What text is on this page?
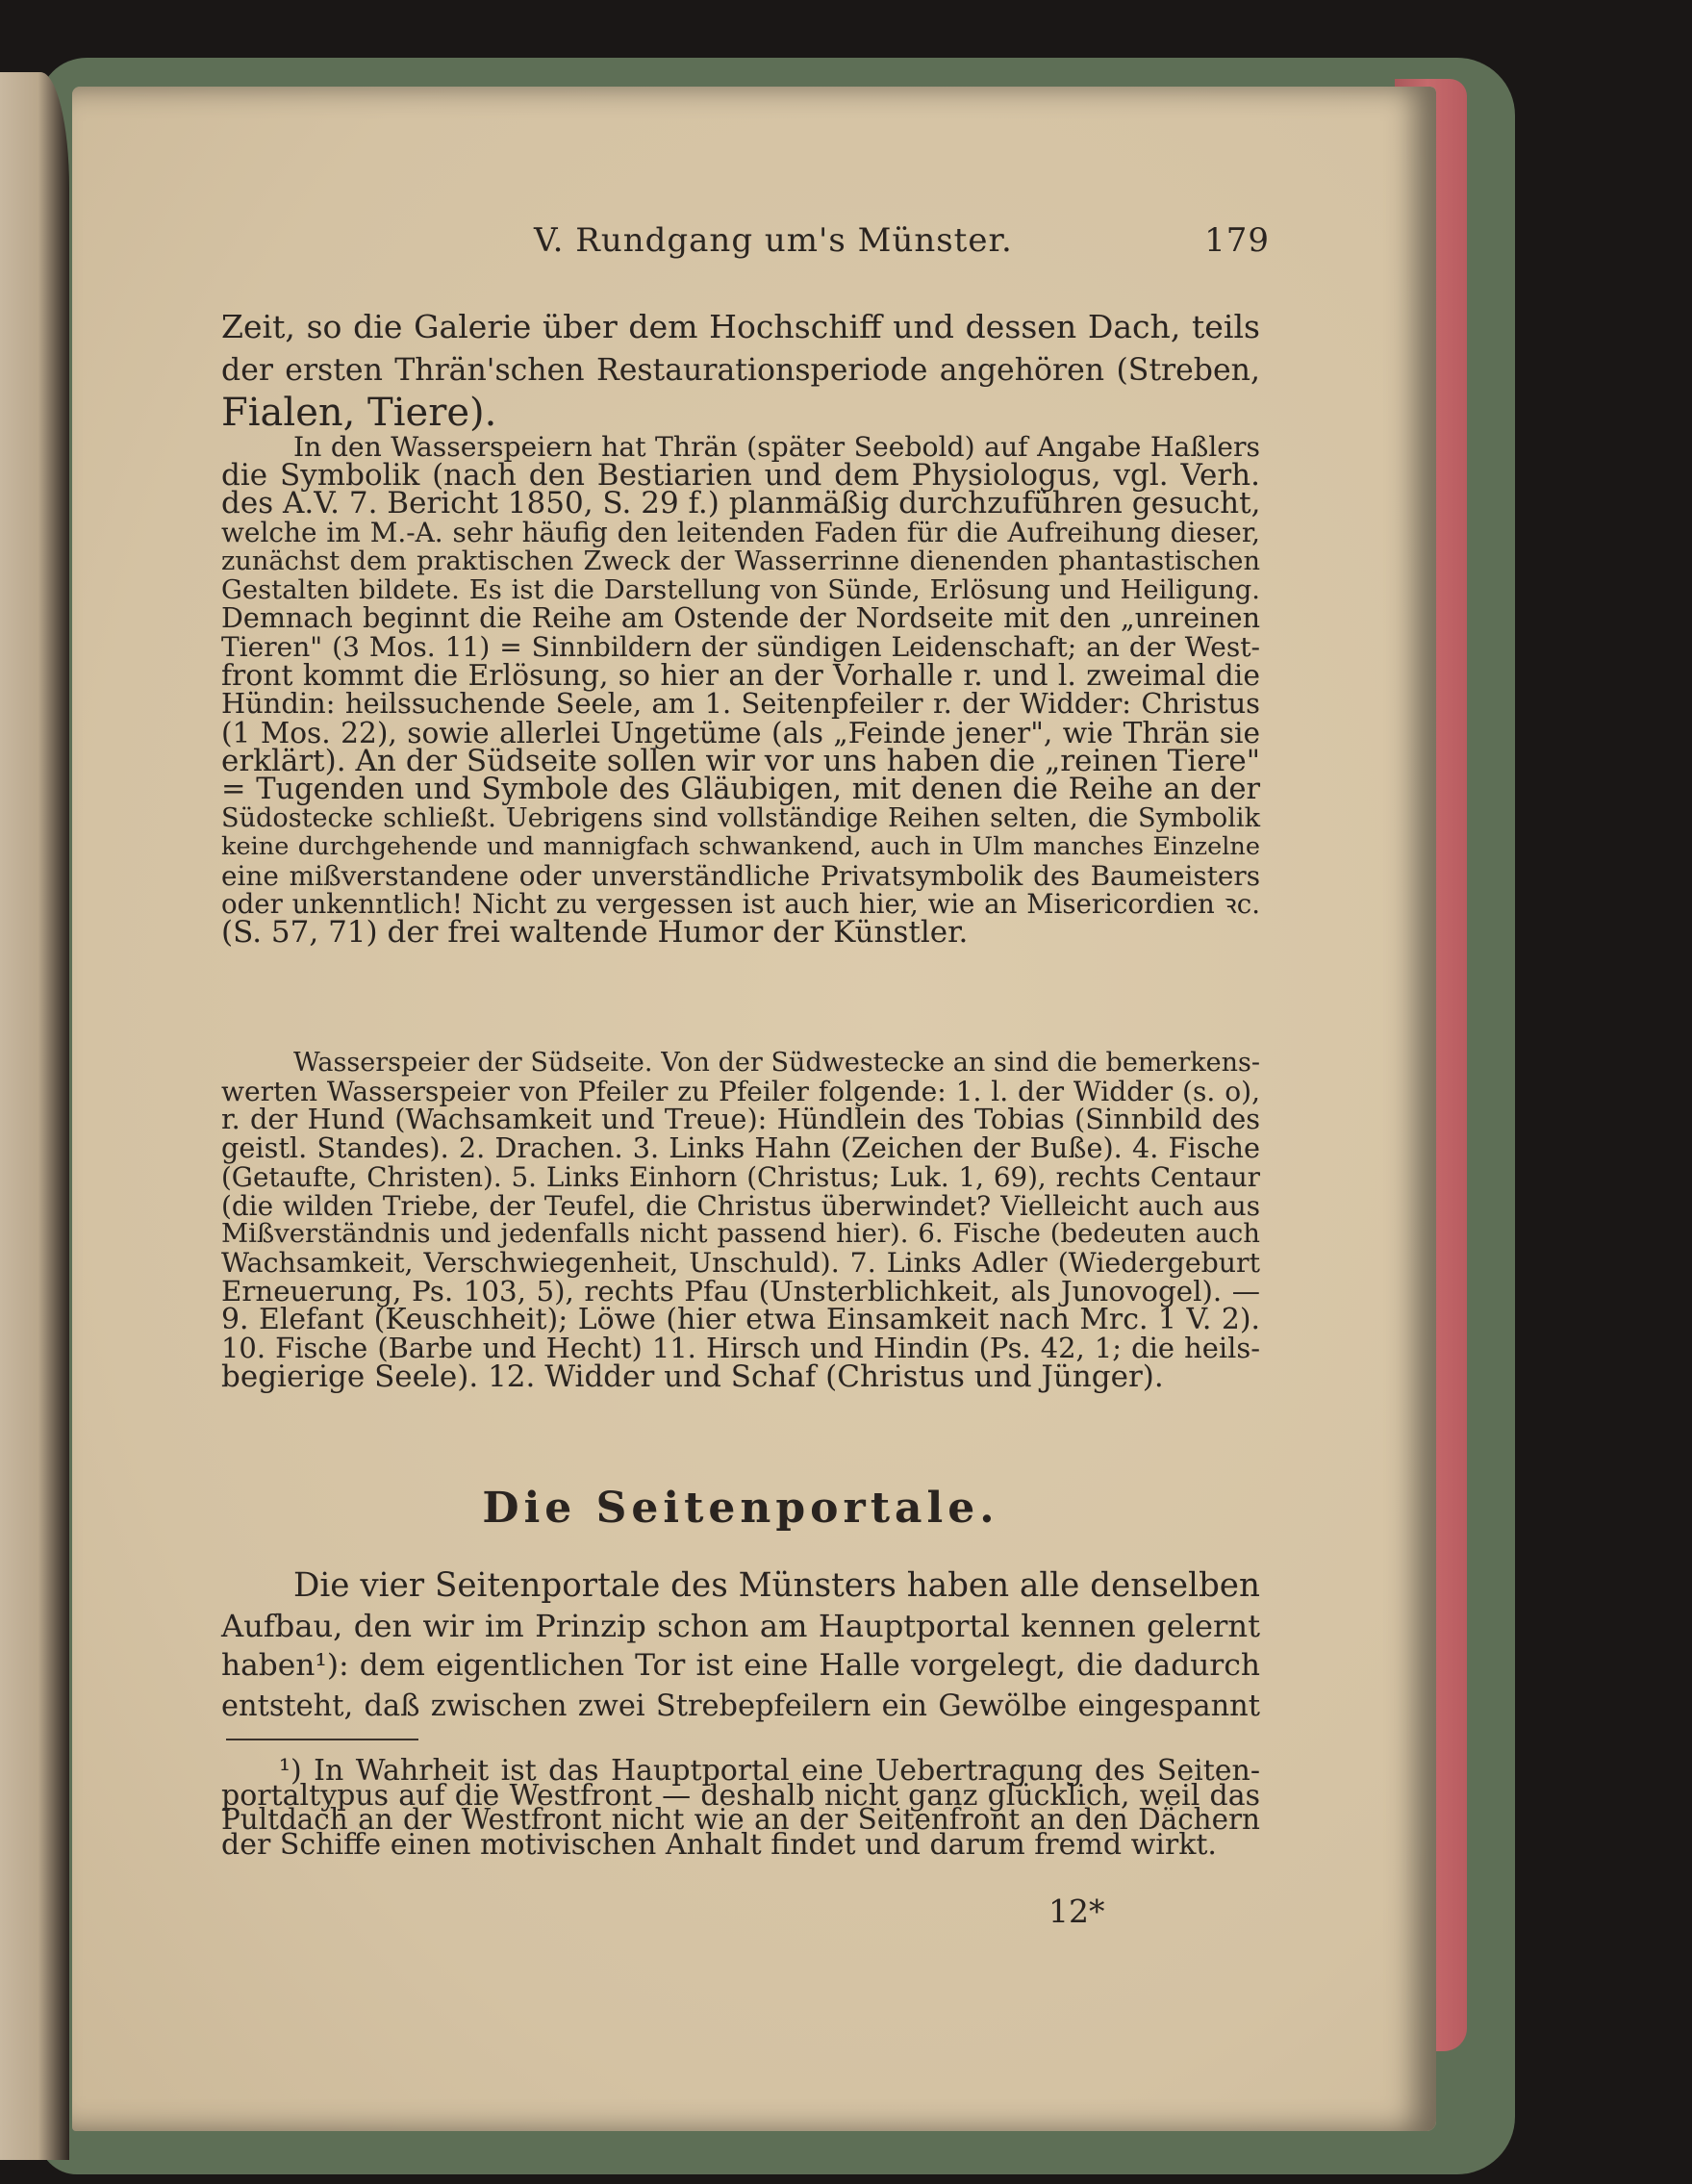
V. Rundgang um's Münster.	179
Zeit, so die Galerie über dem Hochschiff und dessen Dach, teils
der ersten Thrän'schen Restaurationsperiode angehören (Streben,
Fialen, Tiere).
In den Wasserspeiern hat Thrän (später Seebold) auf Angabe Haßlers
die Symbolik (nach den Bestiarien und dem Physiologus, vgl. Verh.
des A.V. 7. Bericht 1850, S. 29 f.) planmäßig durchzuführen gesucht,
welche im M.-A. sehr häufig den leitenden Faden für die Aufreihung dieser,
zunächst dem praktischen Zweck der Wasserrinne dienenden phantastischen
Gestalten bildete. Es ist die Darstellung von Sünde, Erlösung und Heiligung.
Demnach beginnt die Reihe am Ostende der Nordseite mit den „unreinen
Tieren" (3 Mos. 11) = Sinnbildern der sündigen Leidenschaft; an der West-
front kommt die Erlösung, so hier an der Vorhalle r. und l. zweimal die
Hündin: heilssuchende Seele, am 1. Seitenpfeiler r. der Widder: Christus
(1 Mos. 22), sowie allerlei Ungetüme (als „Feinde jener", wie Thrän sie
erklärt). An der Südseite sollen wir vor uns haben die „reinen Tiere"
= Tugenden und Symbole des Gläubigen, mit denen die Reihe an der
Südostecke schließt. Uebrigens sind vollständige Reihen selten, die Symbolik
keine durchgehende und mannigfach schwankend, auch in Ulm manches Einzelne
eine mißverstandene oder unverständliche Privatsymbolik des Baumeisters
oder unkenntlich! Nicht zu vergessen ist auch hier, wie an Misericordien ꝛc.
(S. 57, 71) der frei waltende Humor der Künstler.
Wasserspeier der Südseite. Von der Südwestecke an sind die bemerkens-
werten Wasserspeier von Pfeiler zu Pfeiler folgende: 1. l. der Widder (s. o),
r. der Hund (Wachsamkeit und Treue): Hündlein des Tobias (Sinnbild des
geistl. Standes). 2. Drachen. 3. Links Hahn (Zeichen der Buße). 4. Fische
(Getaufte, Christen). 5. Links Einhorn (Christus; Luk. 1, 69), rechts Centaur
(die wilden Triebe, der Teufel, die Christus überwindet? Vielleicht auch aus
Mißverständnis und jedenfalls nicht passend hier). 6. Fische (bedeuten auch
Wachsamkeit, Verschwiegenheit, Unschuld). 7. Links Adler (Wiedergeburt
Erneuerung, Ps. 103, 5), rechts Pfau (Unsterblichkeit, als Junovogel). —
9. Elefant (Keuschheit); Löwe (hier etwa Einsamkeit nach Mrc. 1 V. 2).
10. Fische (Barbe und Hecht) 11. Hirsch und Hindin (Ps. 42, 1; die heils-
begierige Seele). 12. Widder und Schaf (Christus und Jünger).
Die Seitenportale.
Die vier Seitenportale des Münsters haben alle denselben
Aufbau, den wir im Prinzip schon am Hauptportal kennen gelernt
haben¹): dem eigentlichen Tor ist eine Halle vorgelegt, die dadurch
entsteht, daß zwischen zwei Strebepfeilern ein Gewölbe eingespannt
¹) In Wahrheit ist das Hauptportal eine Uebertragung des Seiten-
portaltypus auf die Westfront — deshalb nicht ganz glücklich, weil das
Pultdach an der Westfront nicht wie an der Seitenfront an den Dächern
der Schiffe einen motivischen Anhalt findet und darum fremd wirkt.
12*
